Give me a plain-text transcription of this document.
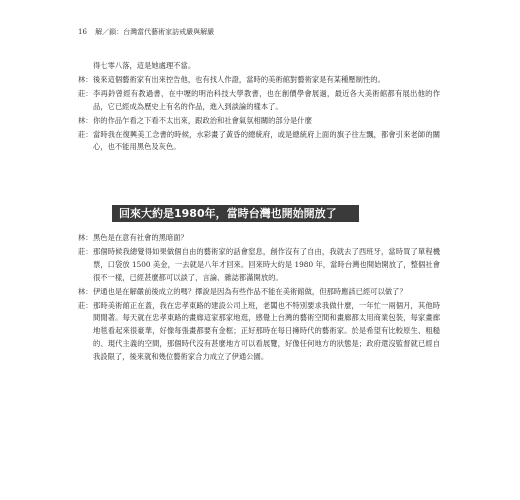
16 解／鎖：台灣當代藝術家訪戒嚴與解嚴
得七零八落，這是她處理不當。
林： 後來這個藝術家有出來控告他，也有找人作證，當時的美術館對藝術家是有某種壓制性的。
莊： 李再鈐曾經有教過書，在中壢的明治科技大學教書，也在創價學會展過，最近各大美術館都有展出他的作品，它已經成為歷史上有名的作品，進入到談論的樣本了。
林： 你的作品乍看之下看不太出來，跟政治和社會氣氛相關的部分是什麼
莊： 當時我在復興美工念書的時候，水彩畫了黃昏的總統府，或是總統府上面的旗子往左飄，都會引來老師的關心，也不能用黑色及灰色。
回來大約是1980年，當時台灣也開始開放了
林： 黑色是在意有社會的黑暗面？
莊： 那個時候我總覺得如果做個自由的藝術家的話會窒息，創作沒有了自由，我就去了西班牙，當時買了單程機票，口袋放 1500 美金，一去就是八年才回來。回來時大約是 1980 年，當時台灣也開始開放了，整個社會很不一樣，已經甚麼都可以談了，言論、雜誌都滿開放的。
林： 伊通也是在解嚴前後成立的嗎？擇說是因為有些作品不能在美術館做，但那時應該已經可以做了？
莊： 那時美術館正在蓋，我在忠孝東路的建設公司上班，老闆也不特別要求我做什麼，一年忙一兩個月，其他時間閒著。每天就在忠孝東路的畫廊這家那家地逛，感覺上台灣的藝術空間和畫廊都太用商業包裝，每家畫廊地毯看起來很豪華，好像每張畫都要有金框；正好那時在每日擁時代的藝術家。於是希望有比較原生、粗糙的、現代主義的空間，那個時代沒有甚麼地方可以看展覽，好像任何地方的狀態是；政府還沒監督就已經自我設限了，後來就和幾位藝術家合力成立了伊通公園。
